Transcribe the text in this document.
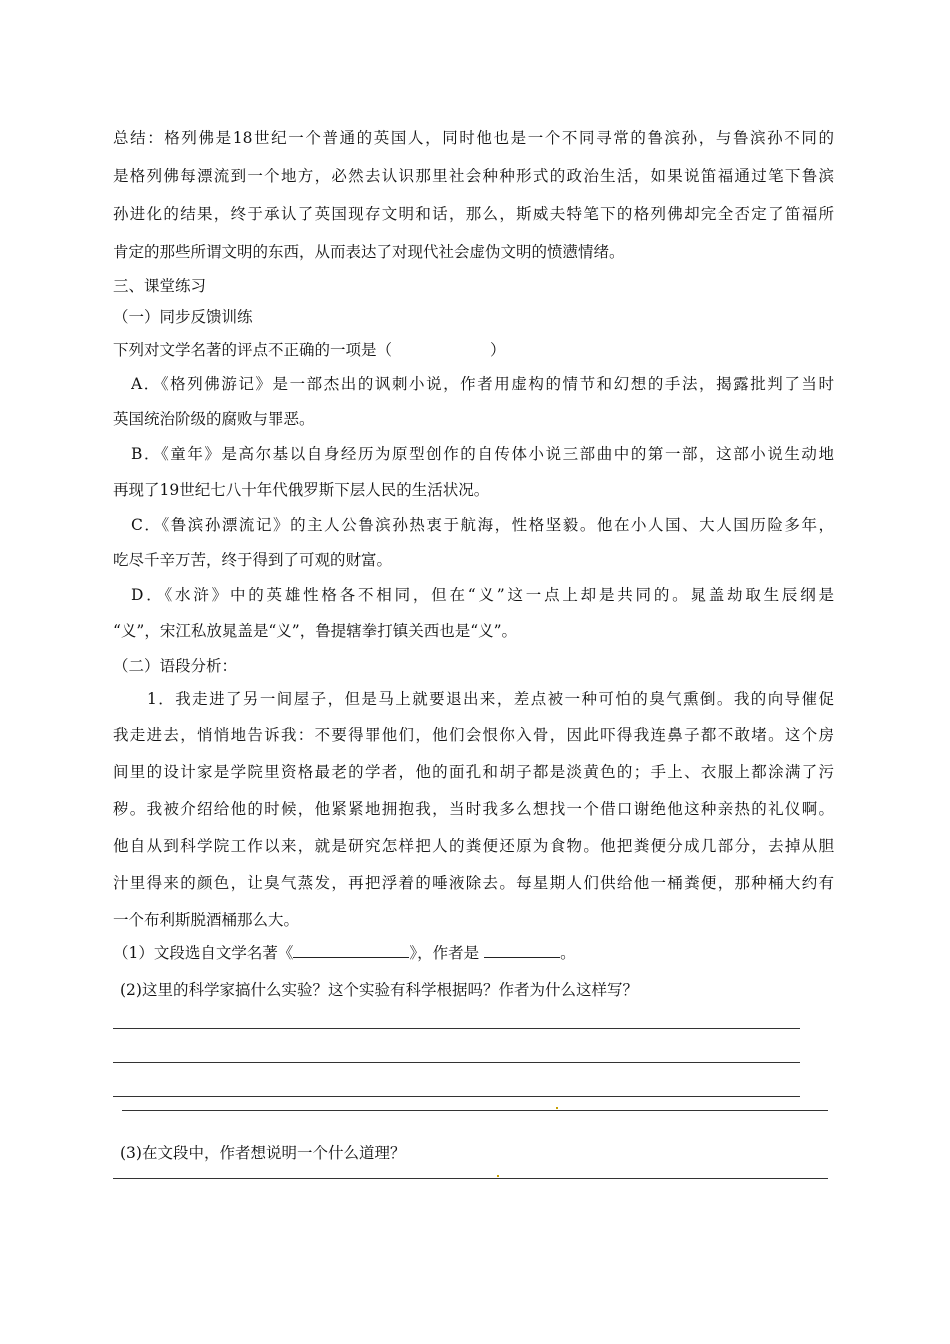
总结：格列佛是18世纪一个普通的英国人，同时他也是一个不同寻常的鲁滨孙，与鲁滨孙不同的
是格列佛每漂流到一个地方，必然去认识那里社会种种形式的政治生活，如果说笛福通过笔下鲁滨
孙进化的结果，终于承认了英国现存文明和话，那么，斯威夫特笔下的格列佛却完全否定了笛福所
肯定的那些所谓文明的东西，从而表达了对现代社会虚伪文明的愤懑情绪。
三、课堂练习
（一）同步反馈训练
下列对文学名著的评点不正确的一项是（	）
A．《格列佛游记》是一部杰出的讽刺小说，作者用虚构的情节和幻想的手法，揭露批判了当时
英国统治阶级的腐败与罪恶。
B．《童年》是高尔基以自身经历为原型创作的自传体小说三部曲中的第一部，这部小说生动地
再现了19世纪七八十年代俄罗斯下层人民的生活状况。
C．《鲁滨孙漂流记》的主人公鲁滨孙热衷于航海，性格坚毅。他在小人国、大人国历险多年，
吃尽千辛万苦，终于得到了可观的财富。
D．《水浒》中的英雄性格各不相同，但在“义”这一点上却是共同的。晁盖劫取生辰纲是
“义”，宋江私放晁盖是“义”，鲁提辖拳打镇关西也是“义”。
（二）语段分析：
1．我走进了另一间屋子，但是马上就要退出来，差点被一种可怕的臭气熏倒。我的向导催促
我走进去，悄悄地告诉我：不要得罪他们，他们会恨你入骨，因此吓得我连鼻子都不敢堵。这个房
间里的设计家是学院里资格最老的学者，他的面孔和胡子都是淡黄色的；手上、衣服上都涂满了污
秽。我被介绍给他的时候，他紧紧地拥抱我，当时我多么想找一个借口谢绝他这种亲热的礼仪啊。
他自从到科学院工作以来，就是研究怎样把人的粪便还原为食物。他把粪便分成几部分，去掉从胆
汁里得来的颜色，让臭气蒸发，再把浮着的唾液除去。每星期人们供给他一桶粪便，那种桶大约有
一个布利斯脱酒桶那么大。
（1）文段选自文学名著《	》，作者是	。
(2)这里的科学家搞什么实验？这个实验有科学根据吗？作者为什么这样写？
(3)在文段中，作者想说明一个什么道理？
